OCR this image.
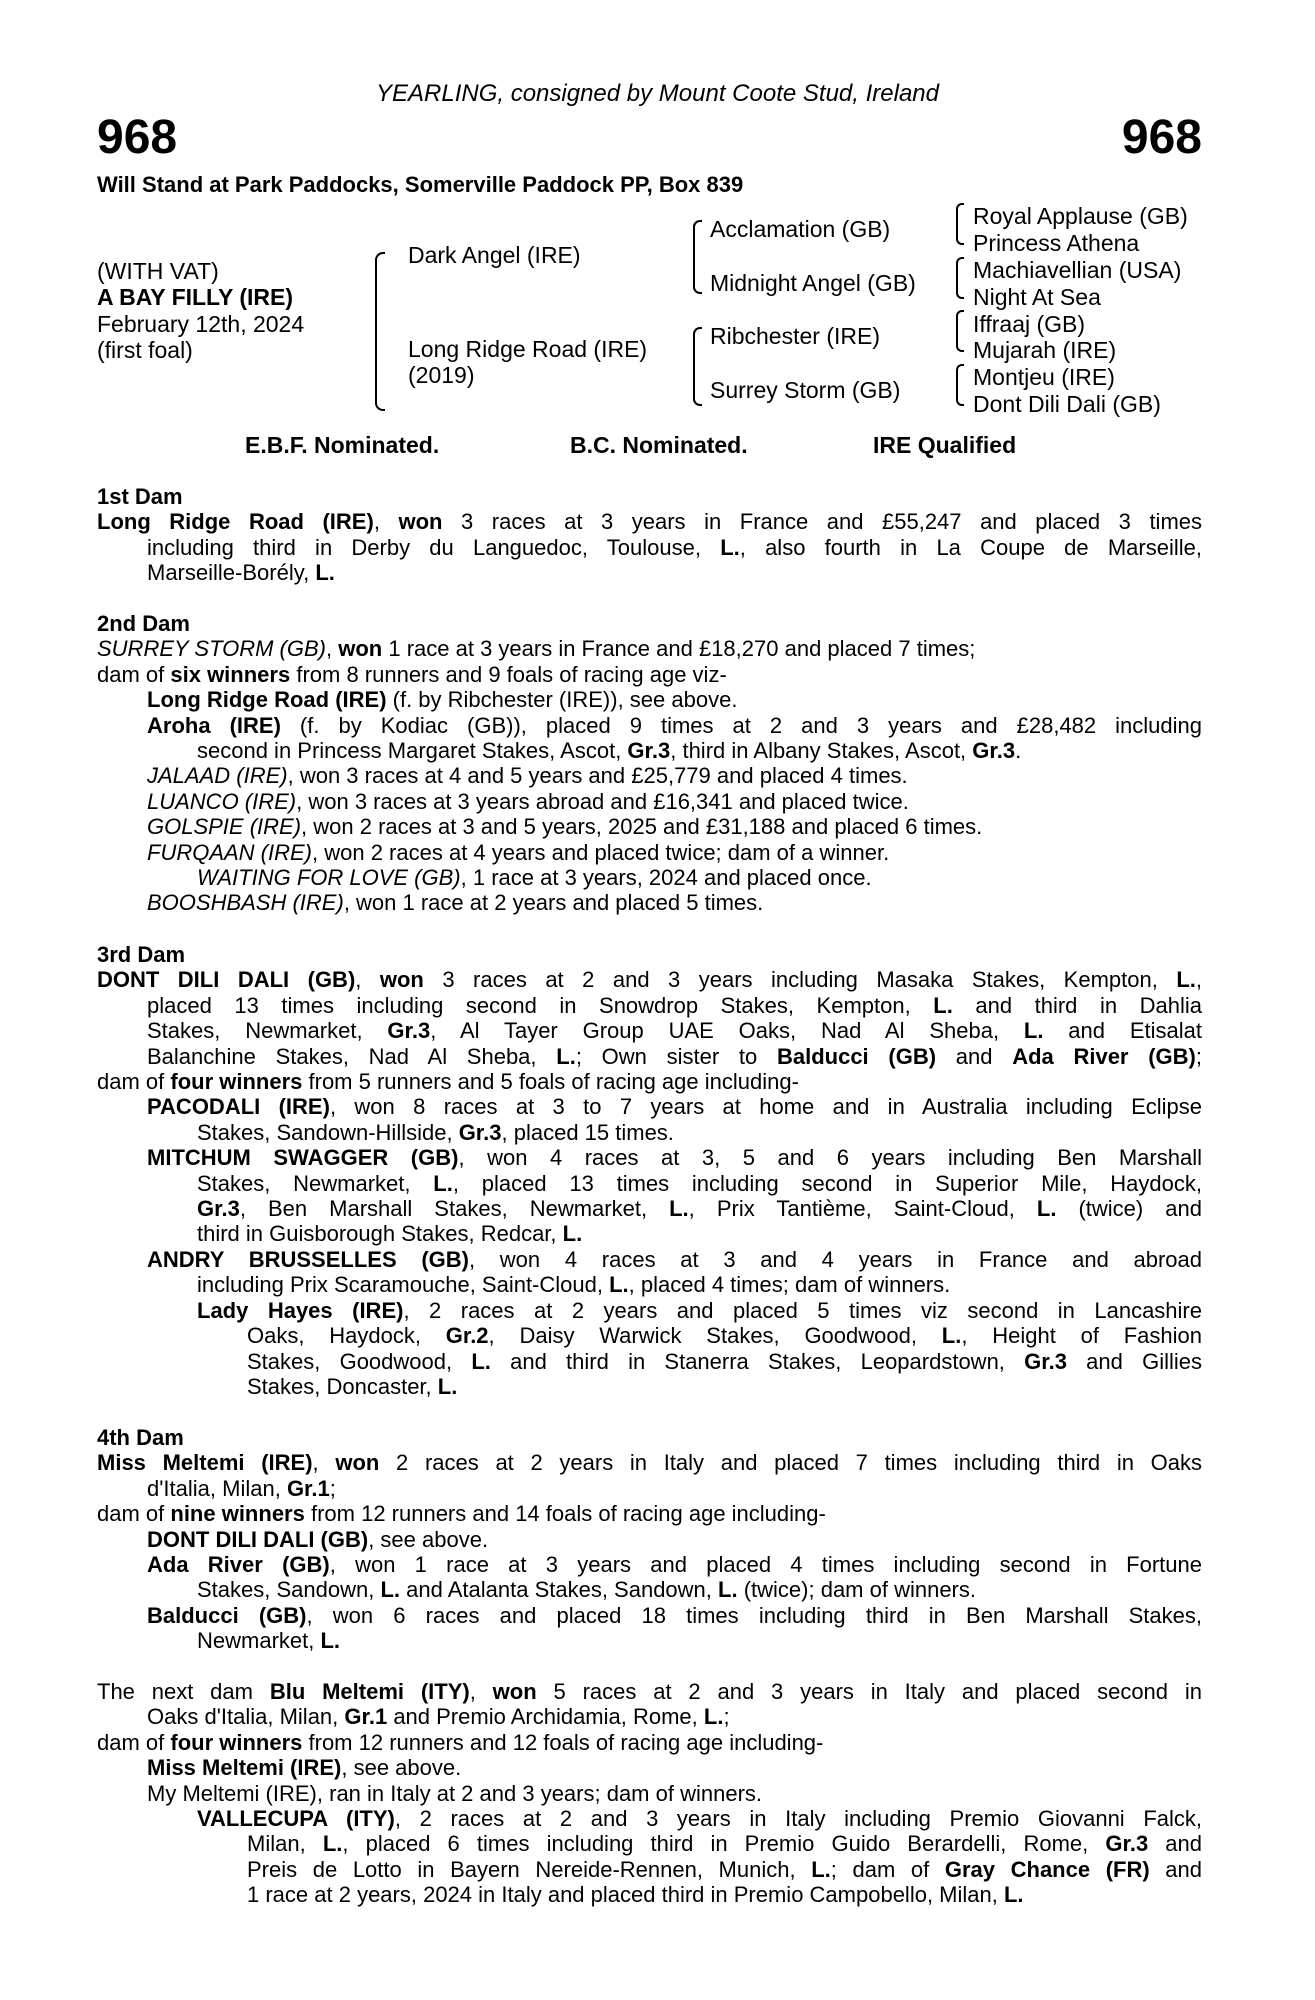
YEARLING, consigned by Mount Coote Stud, Ireland
968	968
Will Stand at Park Paddocks, Somerville Paddock PP, Box 839
(WITH VAT)
A BAY FILLY (IRE)
February 12th, 2024
(first foal)
Dark Angel (IRE)
Long Ridge Road (IRE)
(2019)
Acclamation (GB)
Midnight Angel (GB)
Ribchester (IRE)
Surrey Storm (GB)
Royal Applause (GB)
Princess Athena
Machiavellian (USA)
Night At Sea
Iffraaj (GB)
Mujarah (IRE)
Montjeu (IRE)
Dont Dili Dali (GB)
E.B.F. Nominated.	B.C. Nominated.	IRE Qualified
1st Dam
Long Ridge Road (IRE), won 3 races at 3 years in France and £55,247 and placed 3 times
including third in Derby du Languedoc, Toulouse, L., also fourth in La Coupe de Marseille,
Marseille-Borély, L.
2nd Dam
SURREY STORM (GB), won 1 race at 3 years in France and £18,270 and placed 7 times;
dam of six winners from 8 runners and 9 foals of racing age viz-
Long Ridge Road (IRE) (f. by Ribchester (IRE)), see above.
Aroha (IRE) (f. by Kodiac (GB)), placed 9 times at 2 and 3 years and £28,482 including
second in Princess Margaret Stakes, Ascot, Gr.3, third in Albany Stakes, Ascot, Gr.3.
JALAAD (IRE), won 3 races at 4 and 5 years and £25,779 and placed 4 times.
LUANCO (IRE), won 3 races at 3 years abroad and £16,341 and placed twice.
GOLSPIE (IRE), won 2 races at 3 and 5 years, 2025 and £31,188 and placed 6 times.
FURQAAN (IRE), won 2 races at 4 years and placed twice; dam of a winner.
WAITING FOR LOVE (GB), 1 race at 3 years, 2024 and placed once.
BOOSHBASH (IRE), won 1 race at 2 years and placed 5 times.
3rd Dam
DONT DILI DALI (GB), won 3 races at 2 and 3 years including Masaka Stakes, Kempton, L.,
placed 13 times including second in Snowdrop Stakes, Kempton, L. and third in Dahlia
Stakes, Newmarket, Gr.3, Al Tayer Group UAE Oaks, Nad Al Sheba, L. and Etisalat
Balanchine Stakes, Nad Al Sheba, L.; Own sister to Balducci (GB) and Ada River (GB);
dam of four winners from 5 runners and 5 foals of racing age including-
PACODALI (IRE), won 8 races at 3 to 7 years at home and in Australia including Eclipse
Stakes, Sandown-Hillside, Gr.3, placed 15 times.
MITCHUM SWAGGER (GB), won 4 races at 3, 5 and 6 years including Ben Marshall
Stakes, Newmarket, L., placed 13 times including second in Superior Mile, Haydock,
Gr.3, Ben Marshall Stakes, Newmarket, L., Prix Tantième, Saint-Cloud, L. (twice) and
third in Guisborough Stakes, Redcar, L.
ANDRY BRUSSELLES (GB), won 4 races at 3 and 4 years in France and abroad
including Prix Scaramouche, Saint-Cloud, L., placed 4 times; dam of winners.
Lady Hayes (IRE), 2 races at 2 years and placed 5 times viz second in Lancashire
Oaks, Haydock, Gr.2, Daisy Warwick Stakes, Goodwood, L., Height of Fashion
Stakes, Goodwood, L. and third in Stanerra Stakes, Leopardstown, Gr.3 and Gillies
Stakes, Doncaster, L.
4th Dam
Miss Meltemi (IRE), won 2 races at 2 years in Italy and placed 7 times including third in Oaks
d'Italia, Milan, Gr.1;
dam of nine winners from 12 runners and 14 foals of racing age including-
DONT DILI DALI (GB), see above.
Ada River (GB), won 1 race at 3 years and placed 4 times including second in Fortune
Stakes, Sandown, L. and Atalanta Stakes, Sandown, L. (twice); dam of winners.
Balducci (GB), won 6 races and placed 18 times including third in Ben Marshall Stakes,
Newmarket, L.
The next dam Blu Meltemi (ITY), won 5 races at 2 and 3 years in Italy and placed second in
Oaks d'Italia, Milan, Gr.1 and Premio Archidamia, Rome, L.;
dam of four winners from 12 runners and 12 foals of racing age including-
Miss Meltemi (IRE), see above.
My Meltemi (IRE), ran in Italy at 2 and 3 years; dam of winners.
VALLECUPA (ITY), 2 races at 2 and 3 years in Italy including Premio Giovanni Falck,
Milan, L., placed 6 times including third in Premio Guido Berardelli, Rome, Gr.3 and
Preis de Lotto in Bayern Nereide-Rennen, Munich, L.; dam of Gray Chance (FR) and
1 race at 2 years, 2024 in Italy and placed third in Premio Campobello, Milan, L.
